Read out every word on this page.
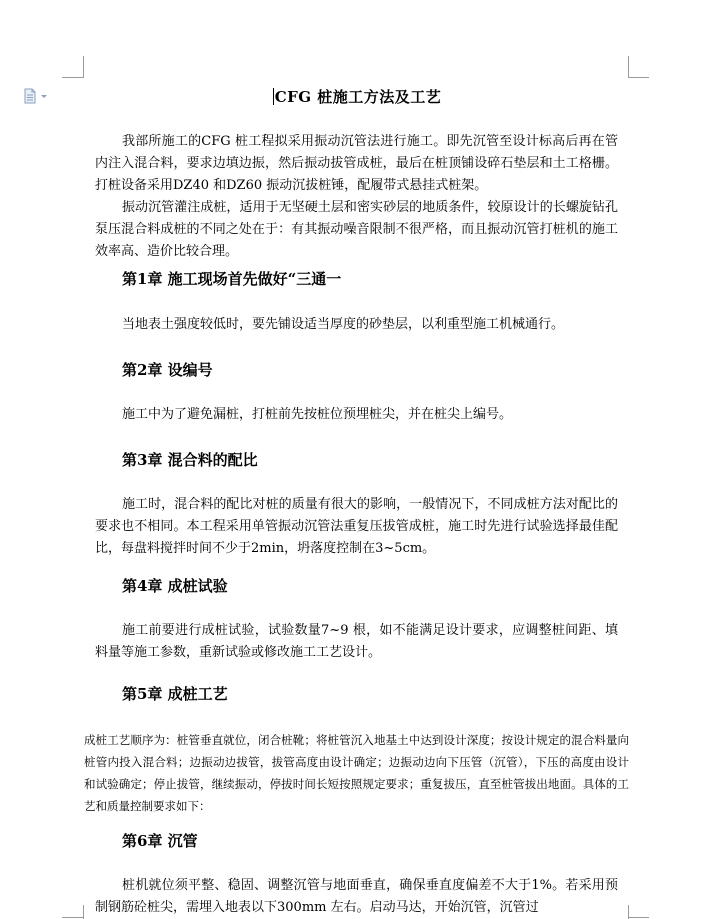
CFG 桩施工方法及工艺

我部所施工的CFG 桩工程拟采用振动沉管法进行施工。即先沉管至设计标高后再在管内注入混合料，要求边填边振，然后振动拔管成桩，最后在桩顶铺设碎石垫层和土工格栅。打桩设备采用DZ40 和DZ60 振动沉拔桩锤，配履带式悬挂式桩架。

振动沉管灌注成桩，适用于无坚硬土层和密实砂层的地质条件，较原设计的长螺旋钻孔泵压混合料成桩的不同之处在于：有其振动噪音限制不很严格，而且振动沉管打桩机的施工效率高、造价比较合理。

第1章 施工现场首先做好“三通一

当地表土强度较低时，要先铺设适当厚度的砂垫层，以利重型施工机械通行。

第2章 设编号

施工中为了避免漏桩，打桩前先按桩位预埋桩尖，并在桩尖上编号。

第3章 混合料的配比

施工时，混合料的配比对桩的质量有很大的影响，一般情况下，不同成桩方法对配比的要求也不相同。本工程采用单管振动沉管法重复压拔管成桩，施工时先进行试验选择最佳配比，每盘料搅拌时间不少于2min，坍落度控制在3~5cm。

第4章 成桩试验

施工前要进行成桩试验，试验数量7~9 根，如不能满足设计要求，应调整桩间距、填料量等施工参数，重新试验或修改施工工艺设计。

第5章 成桩工艺

成桩工艺顺序为：桩管垂直就位，闭合桩靴；将桩管沉入地基土中达到设计深度；按设计规定的混合料量向桩管内投入混合料；边振动边拔管，拔管高度由设计确定；边振动边向下压管（沉管），下压的高度由设计和试验确定；停止拔管，继续振动，停拔时间长短按照规定要求；重复拔压，直至桩管拔出地面。具体的工艺和质量控制要求如下：

第6章 沉管

桩机就位须平整、稳固、调整沉管与地面垂直，确保垂直度偏差不大于1%。若采用预制钢筋砼桩尖，需埋入地表以下300mm 左右。启动马达，开始沉管，沉管过
